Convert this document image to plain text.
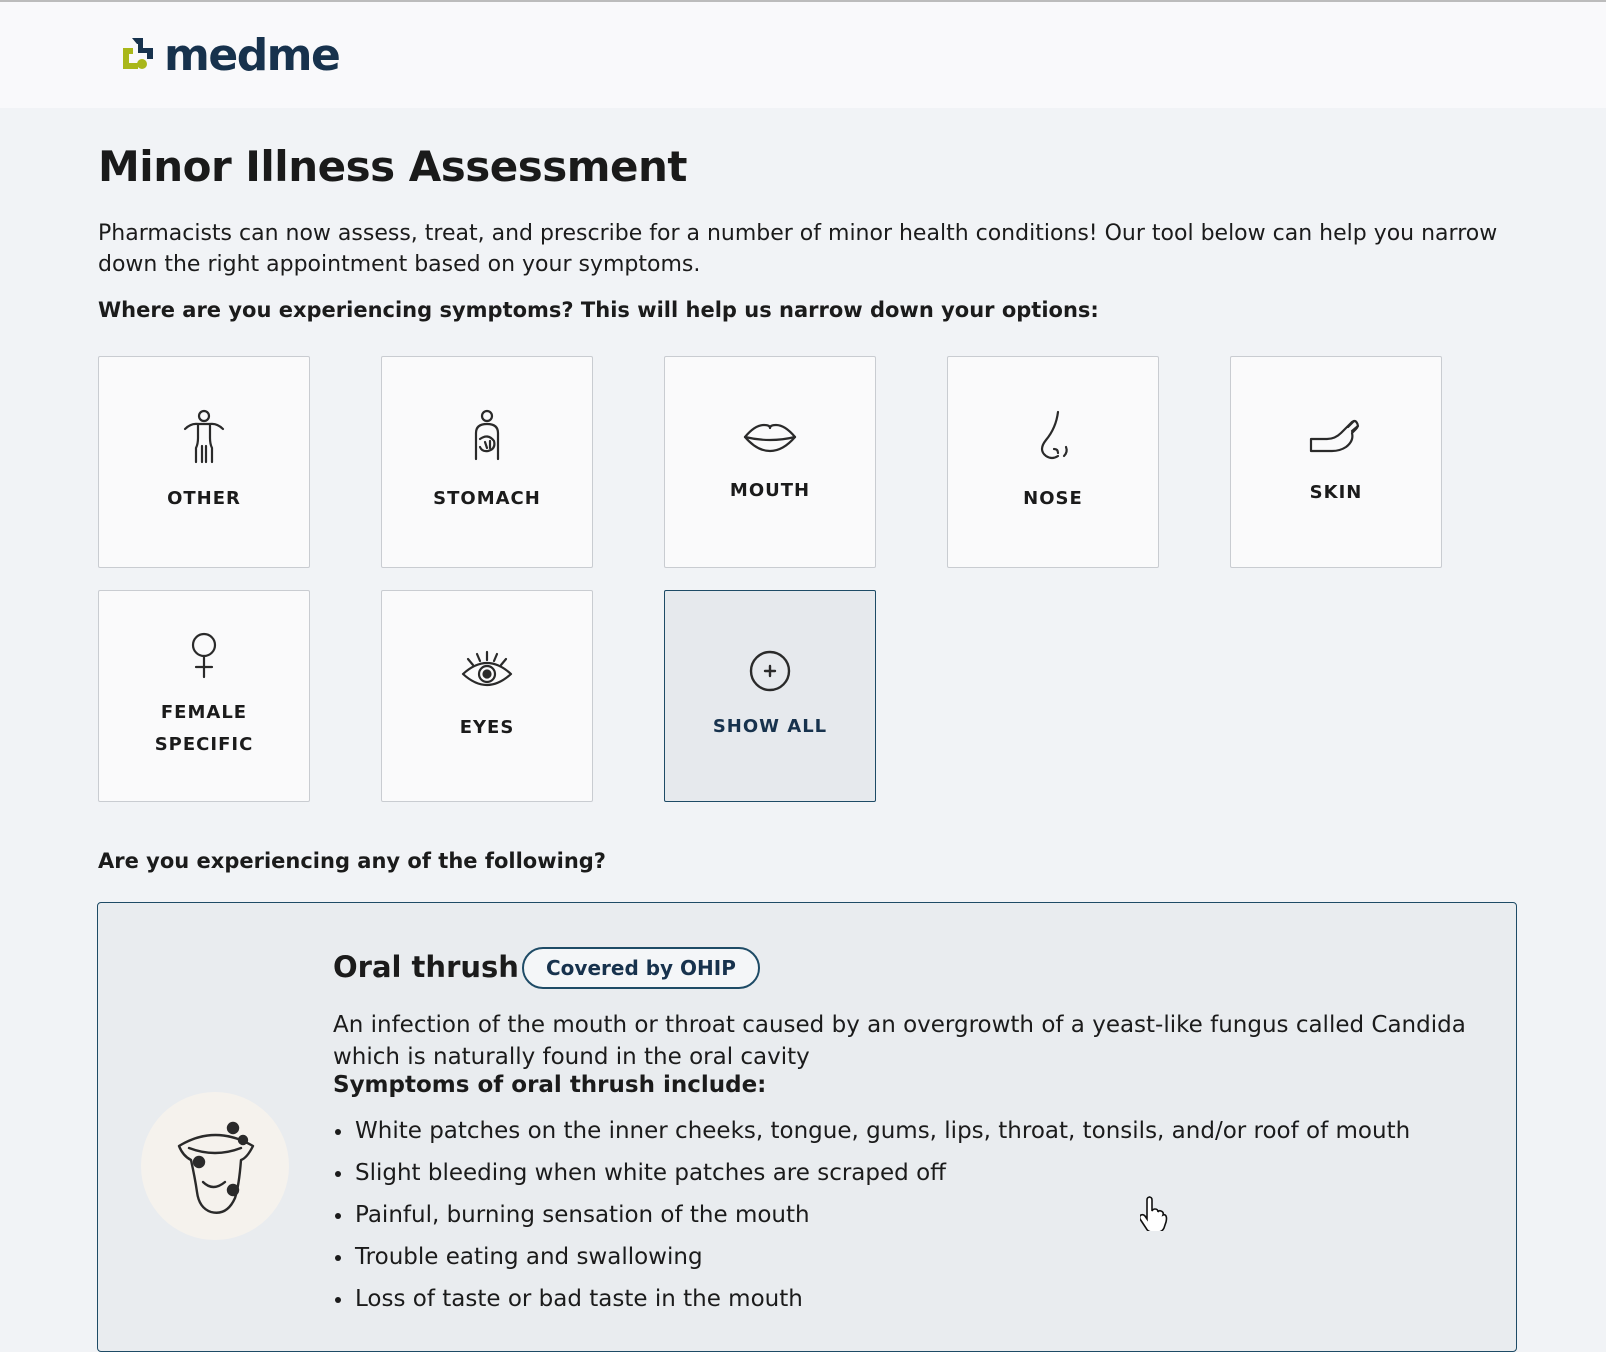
medme
Minor Illness Assessment

Pharmacists can now assess, treat, and prescribe for a number of minor health conditions! Our tool below can help you narrow down the right appointment based on your symptoms.

Where are you experiencing symptoms? This will help us narrow down your options:

OTHER	STOMACH	MOUTH	NOSE	SKIN
FEMALE SPECIFIC
EYES	SHOW ALL

Are you experiencing any of the following?

Oral thrush	Covered by OHIP

An infection of the mouth or throat caused by an overgrowth of a yeast-like fungus called Candida which is naturally found in the oral cavity

Symptoms of oral thrush include:

White patches on the inner cheeks, tongue, gums, lips, throat, tonsils, and/or roof of mouth
Slight bleeding when white patches are scraped off
Painful, burning sensation of the mouth
Trouble eating and swallowing
Loss of taste or bad taste in the mouth
